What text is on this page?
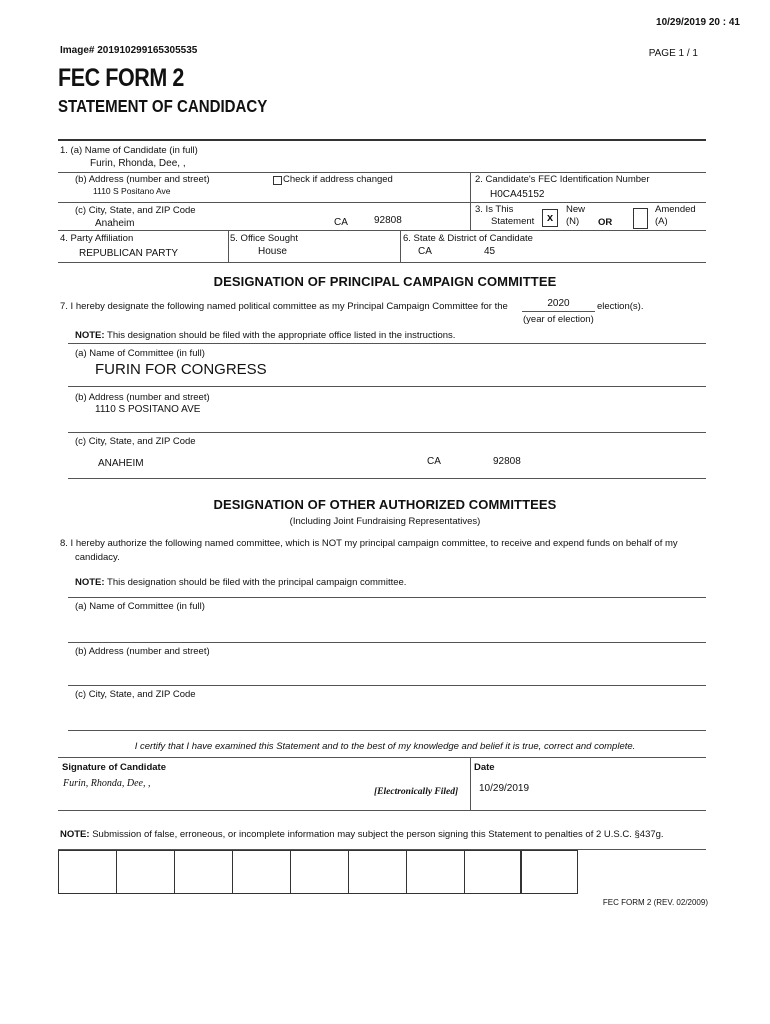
10/29/2019 20 : 41
Image# 201910299165305535	PAGE 1 / 1
FEC FORM 2
STATEMENT OF CANDIDACY
1. (a) Name of Candidate (in full)
Furin, Rhonda, Dee, ,
(b) Address (number and street)
1110 S Positano Ave
Check if address changed	2. Candidate's FEC Identification Number
H0CA45152
(c) City, State, and ZIP Code
Anaheim	CA	92808
3. Is This
Statement	x
New
(N) OR
Amended
(A)
4. Party Affiliation
REPUBLICAN PARTY
5. Office Sought
House
6. State & District of Candidate
CA	45
DESIGNATION OF PRINCIPAL CAMPAIGN COMMITTEE
7. I hereby designate the following named political committee as my Principal Campaign Committee for the	2020	election(s).
(year of election)
NOTE: This designation should be filed with the appropriate office listed in the instructions.
(a) Name of Committee (in full)
FURIN FOR CONGRESS
(b) Address (number and street)
1110 S POSITANO AVE
(c) City, State, and ZIP Code
ANAHEIM	CA	92808
DESIGNATION OF OTHER AUTHORIZED COMMITTEES
(Including Joint Fundraising Representatives)
8. I hereby authorize the following named committee, which is NOT my principal campaign committee, to receive and expend funds on behalf of my
candidacy.
NOTE: This designation should be filed with the principal campaign committee.
(a) Name of Committee (in full)
(b) Address (number and street)
(c) City, State, and ZIP Code
I certify that I have examined this Statement and to the best of my knowledge and belief it is true, correct and complete.
Signature of Candidate
Furin, Rhonda, Dee, ,
[Electronically Filed]
Date
10/29/2019
NOTE: Submission of false, erroneous, or incomplete information may subject the person signing this Statement to penalties of 2 U.S.C. §437g.
FEC FORM 2 (REV. 02/2009)
